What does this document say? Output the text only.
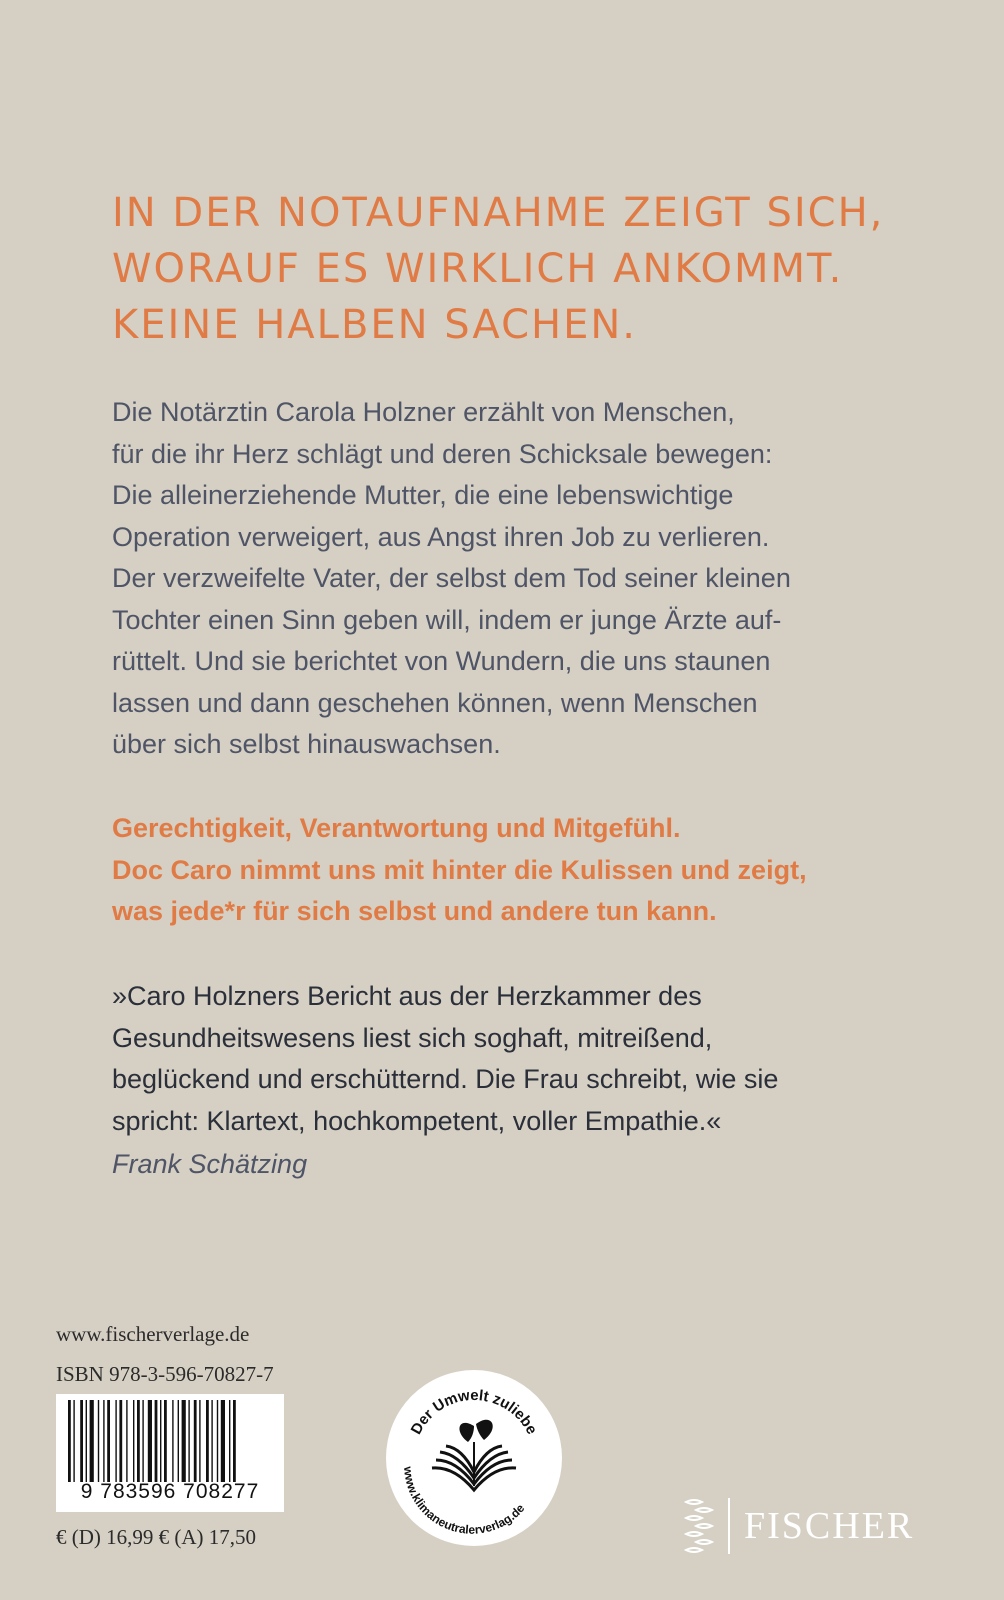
IN DER NOTAUFNAHME ZEIGT SICH,
WORAUF ES WIRKLICH ANKOMMT.
KEINE HALBEN SACHEN.
Die Notärztin Carola Holzner erzählt von Menschen,
für die ihr Herz schlägt und deren Schicksale bewegen:
Die alleinerziehende Mutter, die eine lebenswichtige
Operation verweigert, aus Angst ihren Job zu verlieren.
Der verzweifelte Vater, der selbst dem Tod seiner kleinen
Tochter einen Sinn geben will, indem er junge Ärzte auf-
rüttelt. Und sie berichtet von Wundern, die uns staunen
lassen und dann geschehen können, wenn Menschen
über sich selbst hinauswachsen.
Gerechtigkeit, Verantwortung und Mitgefühl.
Doc Caro nimmt uns mit hinter die Kulissen und zeigt,
was jede*r für sich selbst und andere tun kann.
»Caro Holzners Bericht aus der Herzkammer des
Gesundheitswesens liest sich soghaft, mitreißend,
beglückend und erschütternd. Die Frau schreibt, wie sie
spricht: Klartext, hochkompetent, voller Empathie.«
Frank Schätzing
www.fischerverlage.de
ISBN 978-3-596-70827-7
9 783596 708277
€ (D) 16,99 € (A) 17,50
Der Umwelt zuliebe
www.klimaneutralerverlag.de	FISCHER
